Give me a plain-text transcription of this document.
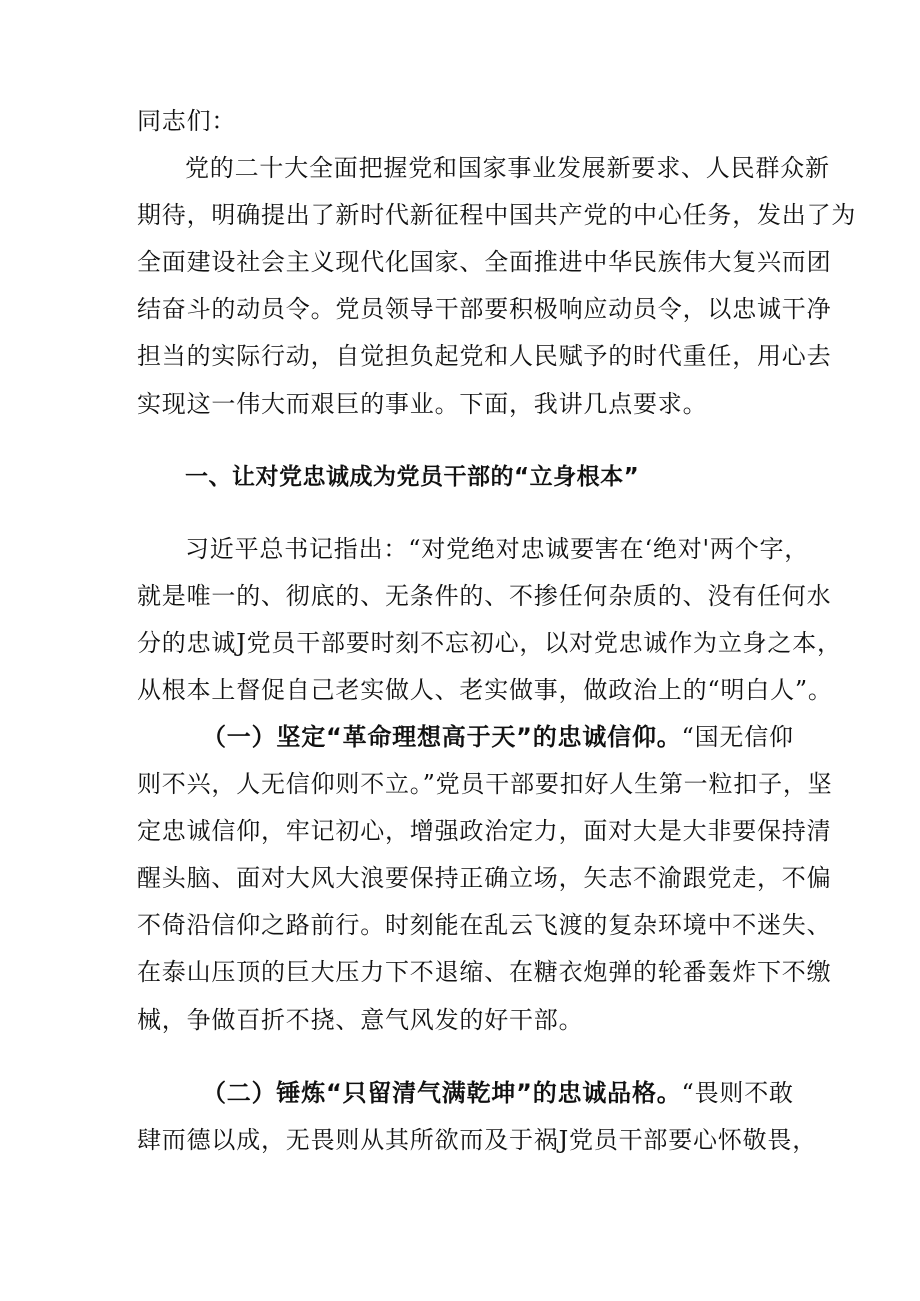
同志们：
党的二十大全面把握党和国家事业发展新要求、人民群众新
期待，明确提出了新时代新征程中国共产党的中心任务，发出了为
全面建设社会主义现代化国家、全面推进中华民族伟大复兴而团
结奋斗的动员令。党员领导干部要积极响应动员令，以忠诚干净
担当的实际行动，自觉担负起党和人民赋予的时代重任，用心去
实现这一伟大而艰巨的事业。下面，我讲几点要求。
一、让对党忠诚成为党员干部的“立身根本”
习近平总书记指出：“对党绝对忠诚要害在‘绝对'两个字，
就是唯一的、彻底的、无条件的、不掺任何杂质的、没有任何水
分的忠诚J党员干部要时刻不忘初心，以对党忠诚作为立身之本，
从根本上督促自己老实做人、老实做事，做政治上的“明白人”。
（一）坚定“革命理想高于天”的忠诚信仰。“国无信仰
则不兴，人无信仰则不立。”党员干部要扣好人生第一粒扣子，坚
定忠诚信仰，牢记初心，增强政治定力，面对大是大非要保持清
醒头脑、面对大风大浪要保持正确立场，矢志不渝跟党走，不偏
不倚沿信仰之路前行。时刻能在乱云飞渡的复杂环境中不迷失、
在泰山压顶的巨大压力下不退缩、在糖衣炮弹的轮番轰炸下不缴
械，争做百折不挠、意气风发的好干部。
（二）锤炼“只留清气满乾坤”的忠诚品格。“畏则不敢
肆而德以成，无畏则从其所欲而及于祸J党员干部要心怀敬畏，
